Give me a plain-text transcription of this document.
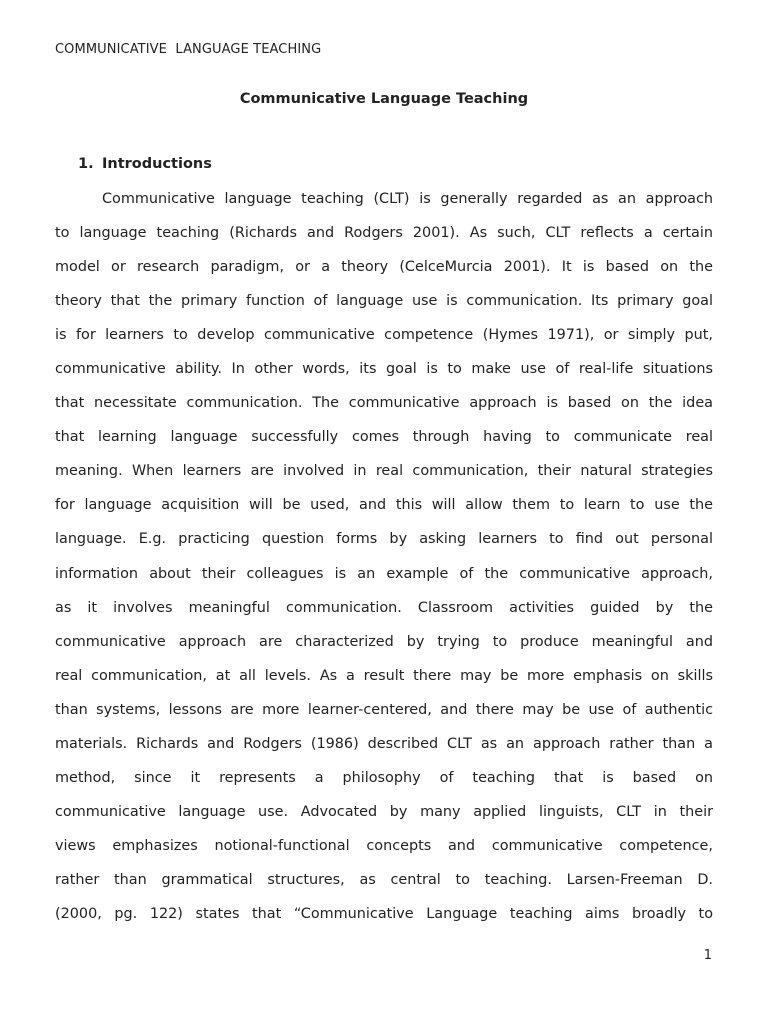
COMMUNICATIVE  LANGUAGE TEACHING
Communicative Language Teaching
1. Introductions
Communicative language teaching (CLT) is generally regarded as an approach
to language teaching (Richards and Rodgers 2001). As such, CLT reflects a certain
model or research paradigm, or a theory (CelceMurcia 2001). It is based on the
theory that the primary function of language use is communication. Its primary goal
is for learners to develop communicative competence (Hymes 1971), or simply put,
communicative ability. In other words, its goal is to make use of real-life situations
that necessitate communication. The communicative approach is based on the idea
that learning language successfully comes through having to communicate real
meaning. When learners are involved in real communication, their natural strategies
for language acquisition will be used, and this will allow them to learn to use the
language. E.g. practicing question forms by asking learners to find out personal
information about their colleagues is an example of the communicative approach,
as it involves meaningful communication. Classroom activities guided by the
communicative approach are characterized by trying to produce meaningful and
real communication, at all levels. As a result there may be more emphasis on skills
than systems, lessons are more learner-centered, and there may be use of authentic
materials. Richards and Rodgers (1986) described CLT as an approach rather than a
method, since it represents a philosophy of teaching that is based on
communicative language use. Advocated by many applied linguists, CLT in their
views emphasizes notional-functional concepts and communicative competence,
rather than grammatical structures, as central to teaching. Larsen-Freeman D.
(2000, pg. 122) states that “Communicative Language teaching aims broadly to
1
